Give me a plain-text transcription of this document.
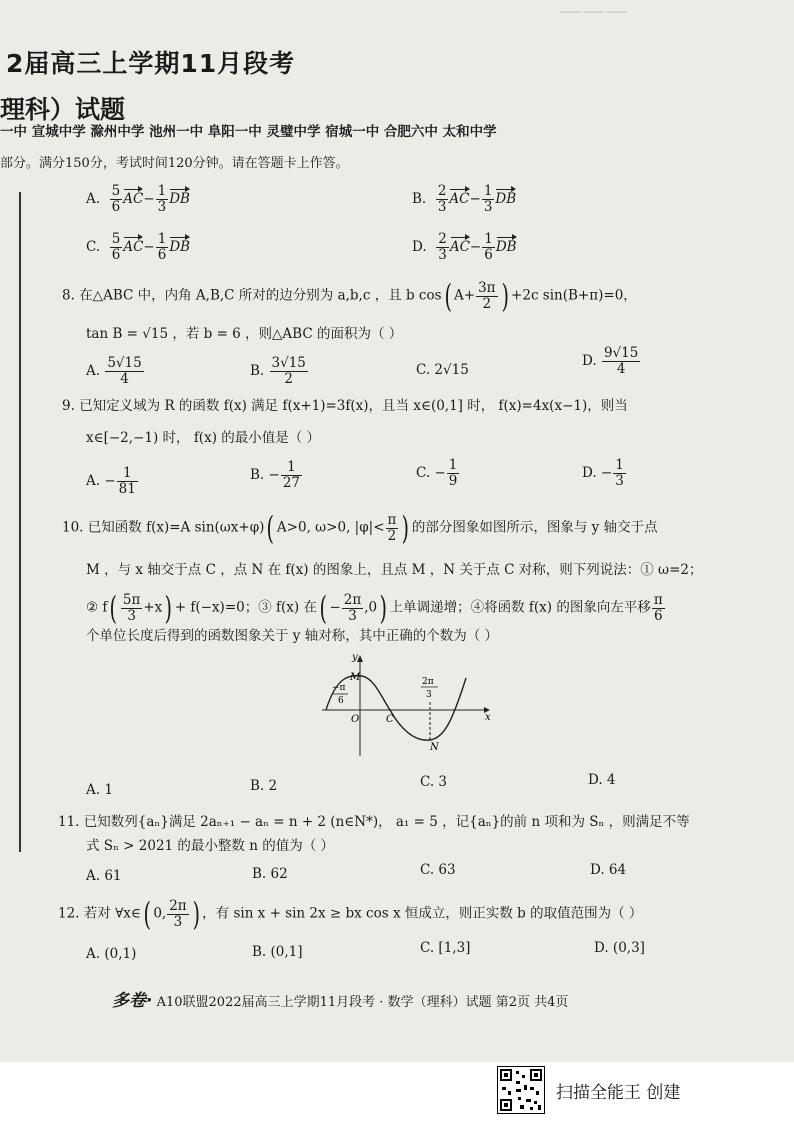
─── ─── ───
2届高三上学期11月段考
理科）试题
一中 宣城中学 滁州中学 池州一中 阜阳一中 灵璧中学 宿城一中 合肥六中 太和中学
部分。满分150分，考试时间120分钟。请在答题卡上作答。
A. $\frac{5}{6} AC- \frac{1}{3}$ DB	B. $\frac{2}{3} AC- \frac{1}{3}$ DB
C. $\frac{5}{6} AC- \frac{1}{6}$ DB	D. $\frac{2}{3} AC- \frac{1}{6}$ DB
8. 在△ABC 中，内角 A,B,C 所对的边分别为 a,b,c ，且 b cos( $A+ \frac{3\pi}{2}$ ) +2c sin(B+π)=0，
tan B = √15 ，若 b = 6 ，则△ABC 的面积为（ ）
A. $\frac{5√15}{4}$	B. $\frac{3√15}{2}$	C. 2√15
D. $\frac{9√15}{4}$
9. 已知定义域为 R 的函数 f(x) 满足 f(x+1)=3f(x)，且当 x∈(0,1] 时， f(x)=4x(x−1)，则当
x∈[−2,−1) 时， f(x) 的最小值是（ ）
A. − $\frac{1}{81}$	B. − $\frac{1}{27}$	C. − $\frac{1}{9}$	D. − $\frac{1}{3}$
10. 已知函数 f(x)=A sin(ωx+φ)( A>0, ω>0, $|\varphi|< \frac{\pi}{2}$ ) 的部分图象如图所示，图象与 y 轴交于点
M ，与 x 轴交于点 C ，点 N 在 f(x) 的图象上，且点 M ，N 关于点 C 对称，则下列说法：① ω=2；
② $f( \frac{5\pi}{3} +x) + f(-x)=0$；③ f(x) 在( − $\frac{2\pi}{3} ,0$) 上单调递增；④将函数 f(x) 的图象向左平移 $\frac{\pi}{6}$
个单位长度后得到的函数图象关于 y 轴对称，其中正确的个数为（ ）
y
x
M
O	C
N
−π
6
2π
3
A. 1	B. 2	C. 3	D. 4
11. 已知数列{aₙ}满足 2aₙ₊₁ − aₙ = n + 2 (n∈N*)， a₁ = 5 ，记{aₙ}的前 n 项和为 Sₙ ，则满足不等
式 Sₙ > 2021 的最小整数 n 的值为（ ）
A. 61	B. 62	C. 63	D. 64
12. 若对 ∀x∈( 0, $\frac{2\pi}{3}$ ) ，有 sin x + sin 2x ≥ bx cos x 恒成立，则正实数 b 的取值范围为（ ）
A. (0,1)	B. (0,1]	C. [1,3]	D. (0,3]
多卷· A10联盟2022届高三上学期11月段考 · 数学（理科）试题 第2页 共4页
扫描全能王 创建
